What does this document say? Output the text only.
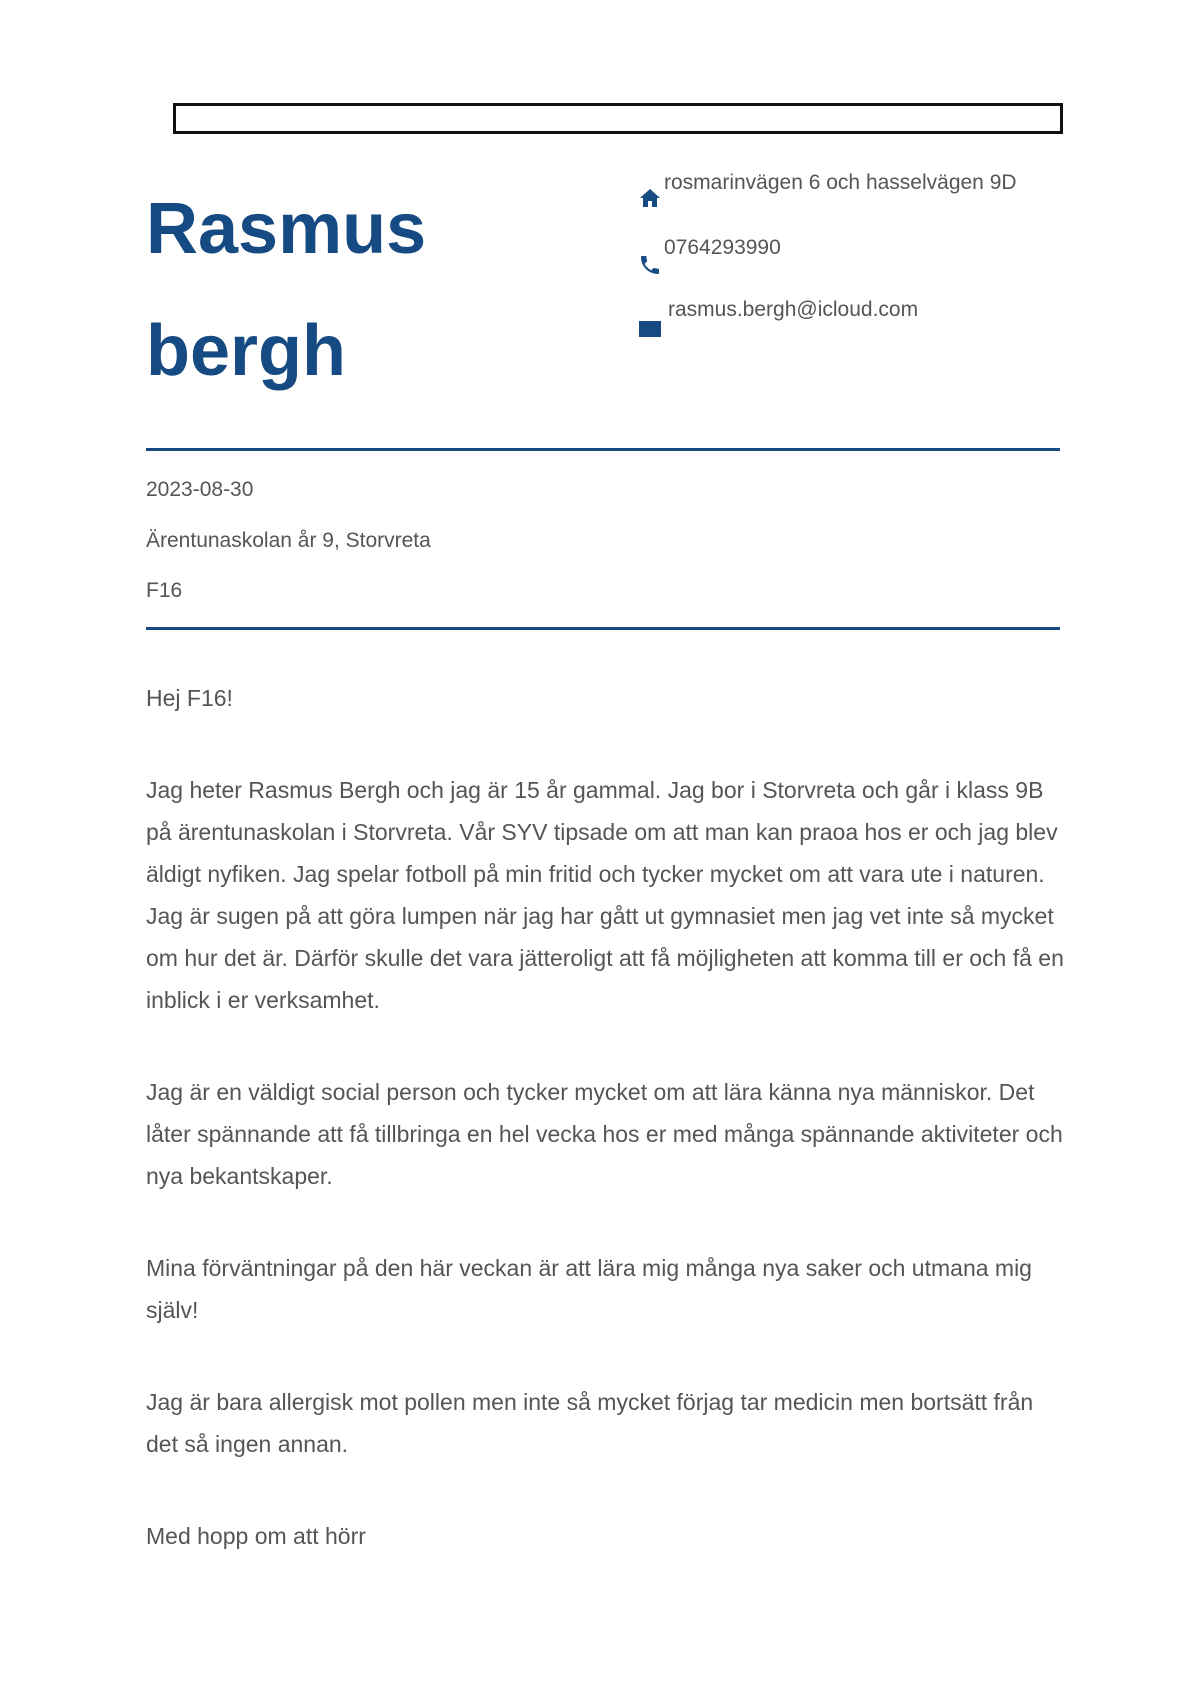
Rasmus
bergh
rosmarinvägen 6 och hasselvägen 9D
0764293990
rasmus.bergh@icloud.com
2023-08-30
Ärentunaskolan år 9, Storvreta
F16

Hej F16!

Jag heter Rasmus Bergh och jag är 15 år gammal. Jag bor i Storvreta och går i klass 9B på ärentunaskolan i Storvreta. Vår SYV tipsade om att man kan praoa hos er och jag blev äldigt nyfiken. Jag spelar fotboll på min fritid och tycker mycket om att vara ute i naturen. Jag är sugen på att göra lumpen när jag har gått ut gymnasiet men jag vet inte så mycket om hur det är. Därför skulle det vara jätteroligt att få möjligheten att komma till er och få en inblick i er verksamhet.

Jag är en väldigt social person och tycker mycket om att lära känna nya människor. Det låter spännande att få tillbringa en hel vecka hos er med många spännande aktiviteter och nya bekantskaper.

Mina förväntningar på den här veckan är att lära mig många nya saker och utmana mig själv!

Jag är bara allergisk mot pollen men inte så mycket förjag tar medicin men bortsätt från det så ingen annan.

Med hopp om att hörr
